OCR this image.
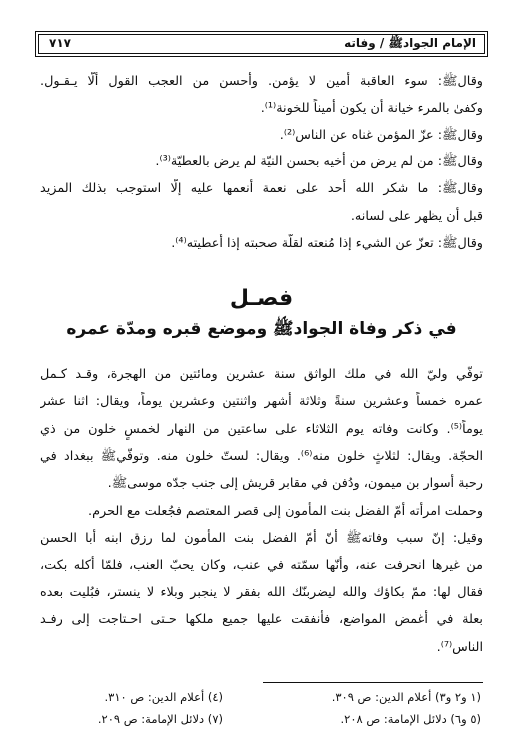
الإمام الجوادﷺ / وفاته
٧١٧
وقالﷺ: سوء العاقبة أمين لا يؤمن. وأحسن من العجب القول ألّا يـقـول.
وكفىٰ بالمرء خيانة أن يكون أميناً للخونة⁽¹⁾.
وقالﷺ: عزّ المؤمن غناه عن الناس⁽²⁾.
وقالﷺ: من لم يرض من أخيه بحسن النيّة لم يرض بالعطيّة⁽³⁾.
وقالﷺ: ما شكر الله أحد على نعمة أنعمها عليه إلّا استوجب بذلك المزيد
قبل أن يظهر على لسانه.
وقالﷺ: تعزّ عن الشيء إذا مُنعته لقلّة صحبته إذا أُعطيته⁽⁴⁾.
فصـل
في ذكر وفاة الجوادﷺ وموضع قبره ومدّة عمره
توفّي وليّ الله في ملك الواثق سنة عشرين ومائتين من الهجرة، وقـد كـمل
عمره خمساً وعشرين سنةً وثلاثة أشهر واثنتين وعشرين يوماً، ويقال: اثنا عشر
يوماً⁽⁵⁾. وكانت وفاته يوم الثلاثاء على ساعتين من النهار لخمسٍ خلون من ذي
الحجّة. ويقال: لثلاثٍ خلون منه⁽⁶⁾. ويقال: لستّ خلون منه. وتوفّيﷺ ببغداد في
رحبة أسوار بن ميمون، ودُفن في مقابر قريش إلى جنب جدّه موسىﷺ.
وحملت امرأته أمّ الفضل بنت المأمون إلى قصر المعتصم فجُعلت مع الحرم.
وقيل: إنّ سبب وفاتهﷺ أنّ أمّ الفضل بنت المأمون لما رزق ابنه أبا الحسن
من غيرها انحرفت عنه، وأنّها سمّته في عنب، وكان يحبّ العنب، فلمّا أكله بكت،
فقال لها: ممّ بكاؤك والله ليضربنّك الله بفقر لا ينجبر وبلاء لا ينستر، فبُليت بعده
بعلة في أغمض المواضع، فأنفقت عليها جميع ملكها حـتى احـتاجت إلى رفـد
الناس⁽⁷⁾.
(١ و٢ و٣) أعلام الدين: ص ٣٠٩.
(٤) أعلام الدين: ص ٣١٠.
(٥ و٦) دلائل الإمامة: ص ٢٠٨.
(٧) دلائل الإمامة: ص ٢٠٩.
